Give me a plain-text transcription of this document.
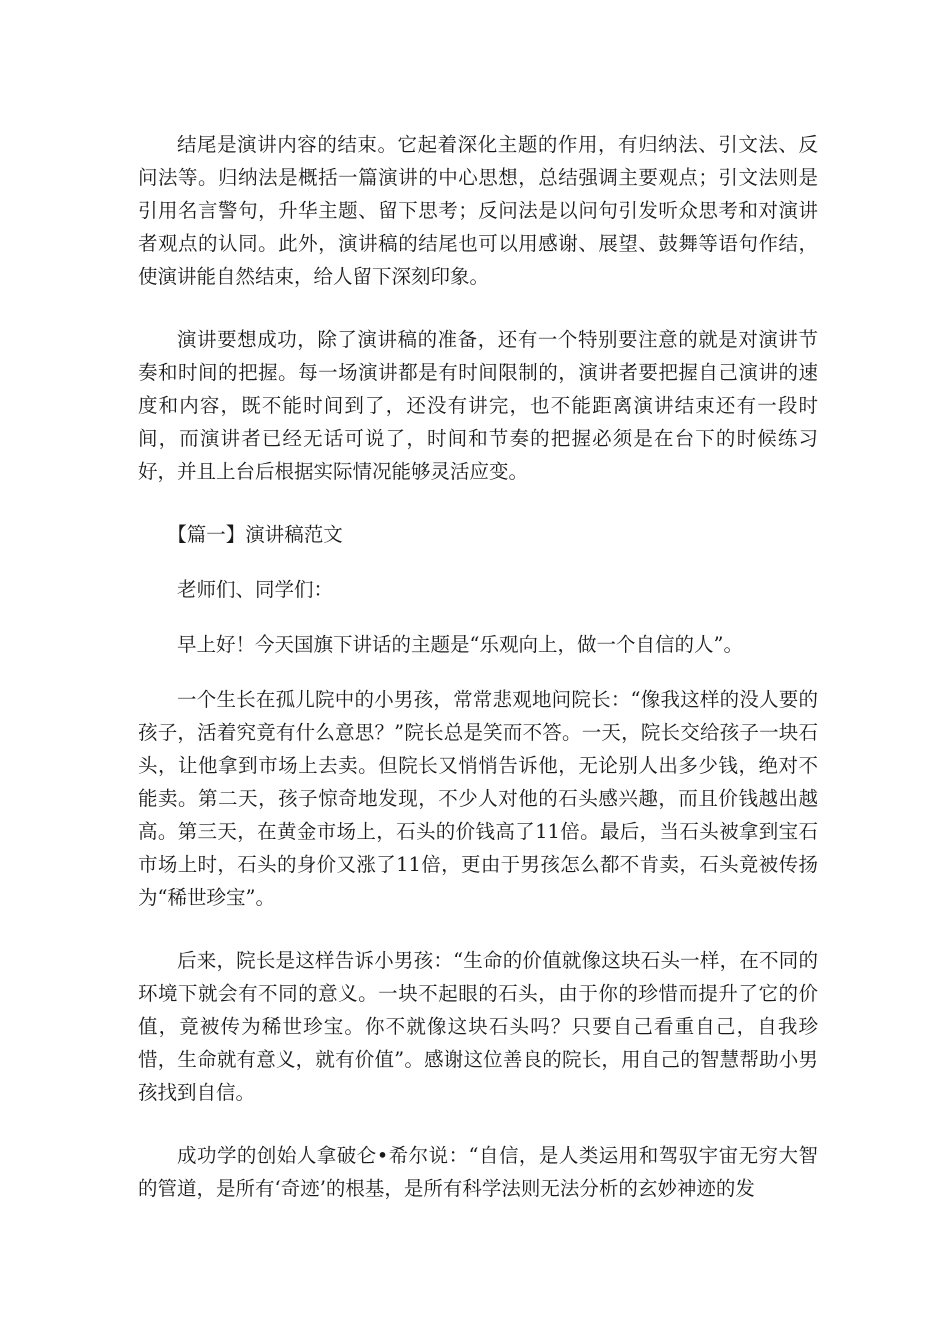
结尾是演讲内容的结束。它起着深化主题的作用，有归纳法、引文法、反问法等。归纳法是概括一篇演讲的中心思想，总结强调主要观点；引文法则是引用名言警句，升华主题、留下思考；反问法是以问句引发听众思考和对演讲者观点的认同。此外，演讲稿的结尾也可以用感谢、展望、鼓舞等语句作结，使演讲能自然结束，给人留下深刻印象。

演讲要想成功，除了演讲稿的准备，还有一个特别要注意的就是对演讲节奏和时间的把握。每一场演讲都是有时间限制的，演讲者要把握自己演讲的速度和内容，既不能时间到了，还没有讲完，也不能距离演讲结束还有一段时间，而演讲者已经无话可说了，时间和节奏的把握必须是在台下的时候练习好，并且上台后根据实际情况能够灵活应变。

【篇一】演讲稿范文

老师们、同学们：

早上好！今天国旗下讲话的主题是“乐观向上，做一个自信的人”。

一个生长在孤儿院中的小男孩，常常悲观地问院长：“像我这样的没人要的孩子，活着究竟有什么意思？”院长总是笑而不答。一天，院长交给孩子一块石头，让他拿到市场上去卖。但院长又悄悄告诉他，无论别人出多少钱，绝对不能卖。第二天，孩子惊奇地发现，不少人对他的石头感兴趣，而且价钱越出越高。第三天，在黄金市场上，石头的价钱高了11倍。最后，当石头被拿到宝石市场上时，石头的身价又涨了11倍，更由于男孩怎么都不肯卖，石头竟被传扬为“稀世珍宝”。

后来，院长是这样告诉小男孩：“生命的价值就像这块石头一样，在不同的环境下就会有不同的意义。一块不起眼的石头，由于你的珍惜而提升了它的价值，竟被传为稀世珍宝。你不就像这块石头吗？只要自己看重自己，自我珍惜，生命就有意义，就有价值”。感谢这位善良的院长，用自己的智慧帮助小男孩找到自信。

成功学的创始人拿破仑•希尔说：“自信，是人类运用和驾驭宇宙无穷大智的管道，是所有‘奇迹’的根基，是所有科学法则无法分析的玄妙神迹的发
